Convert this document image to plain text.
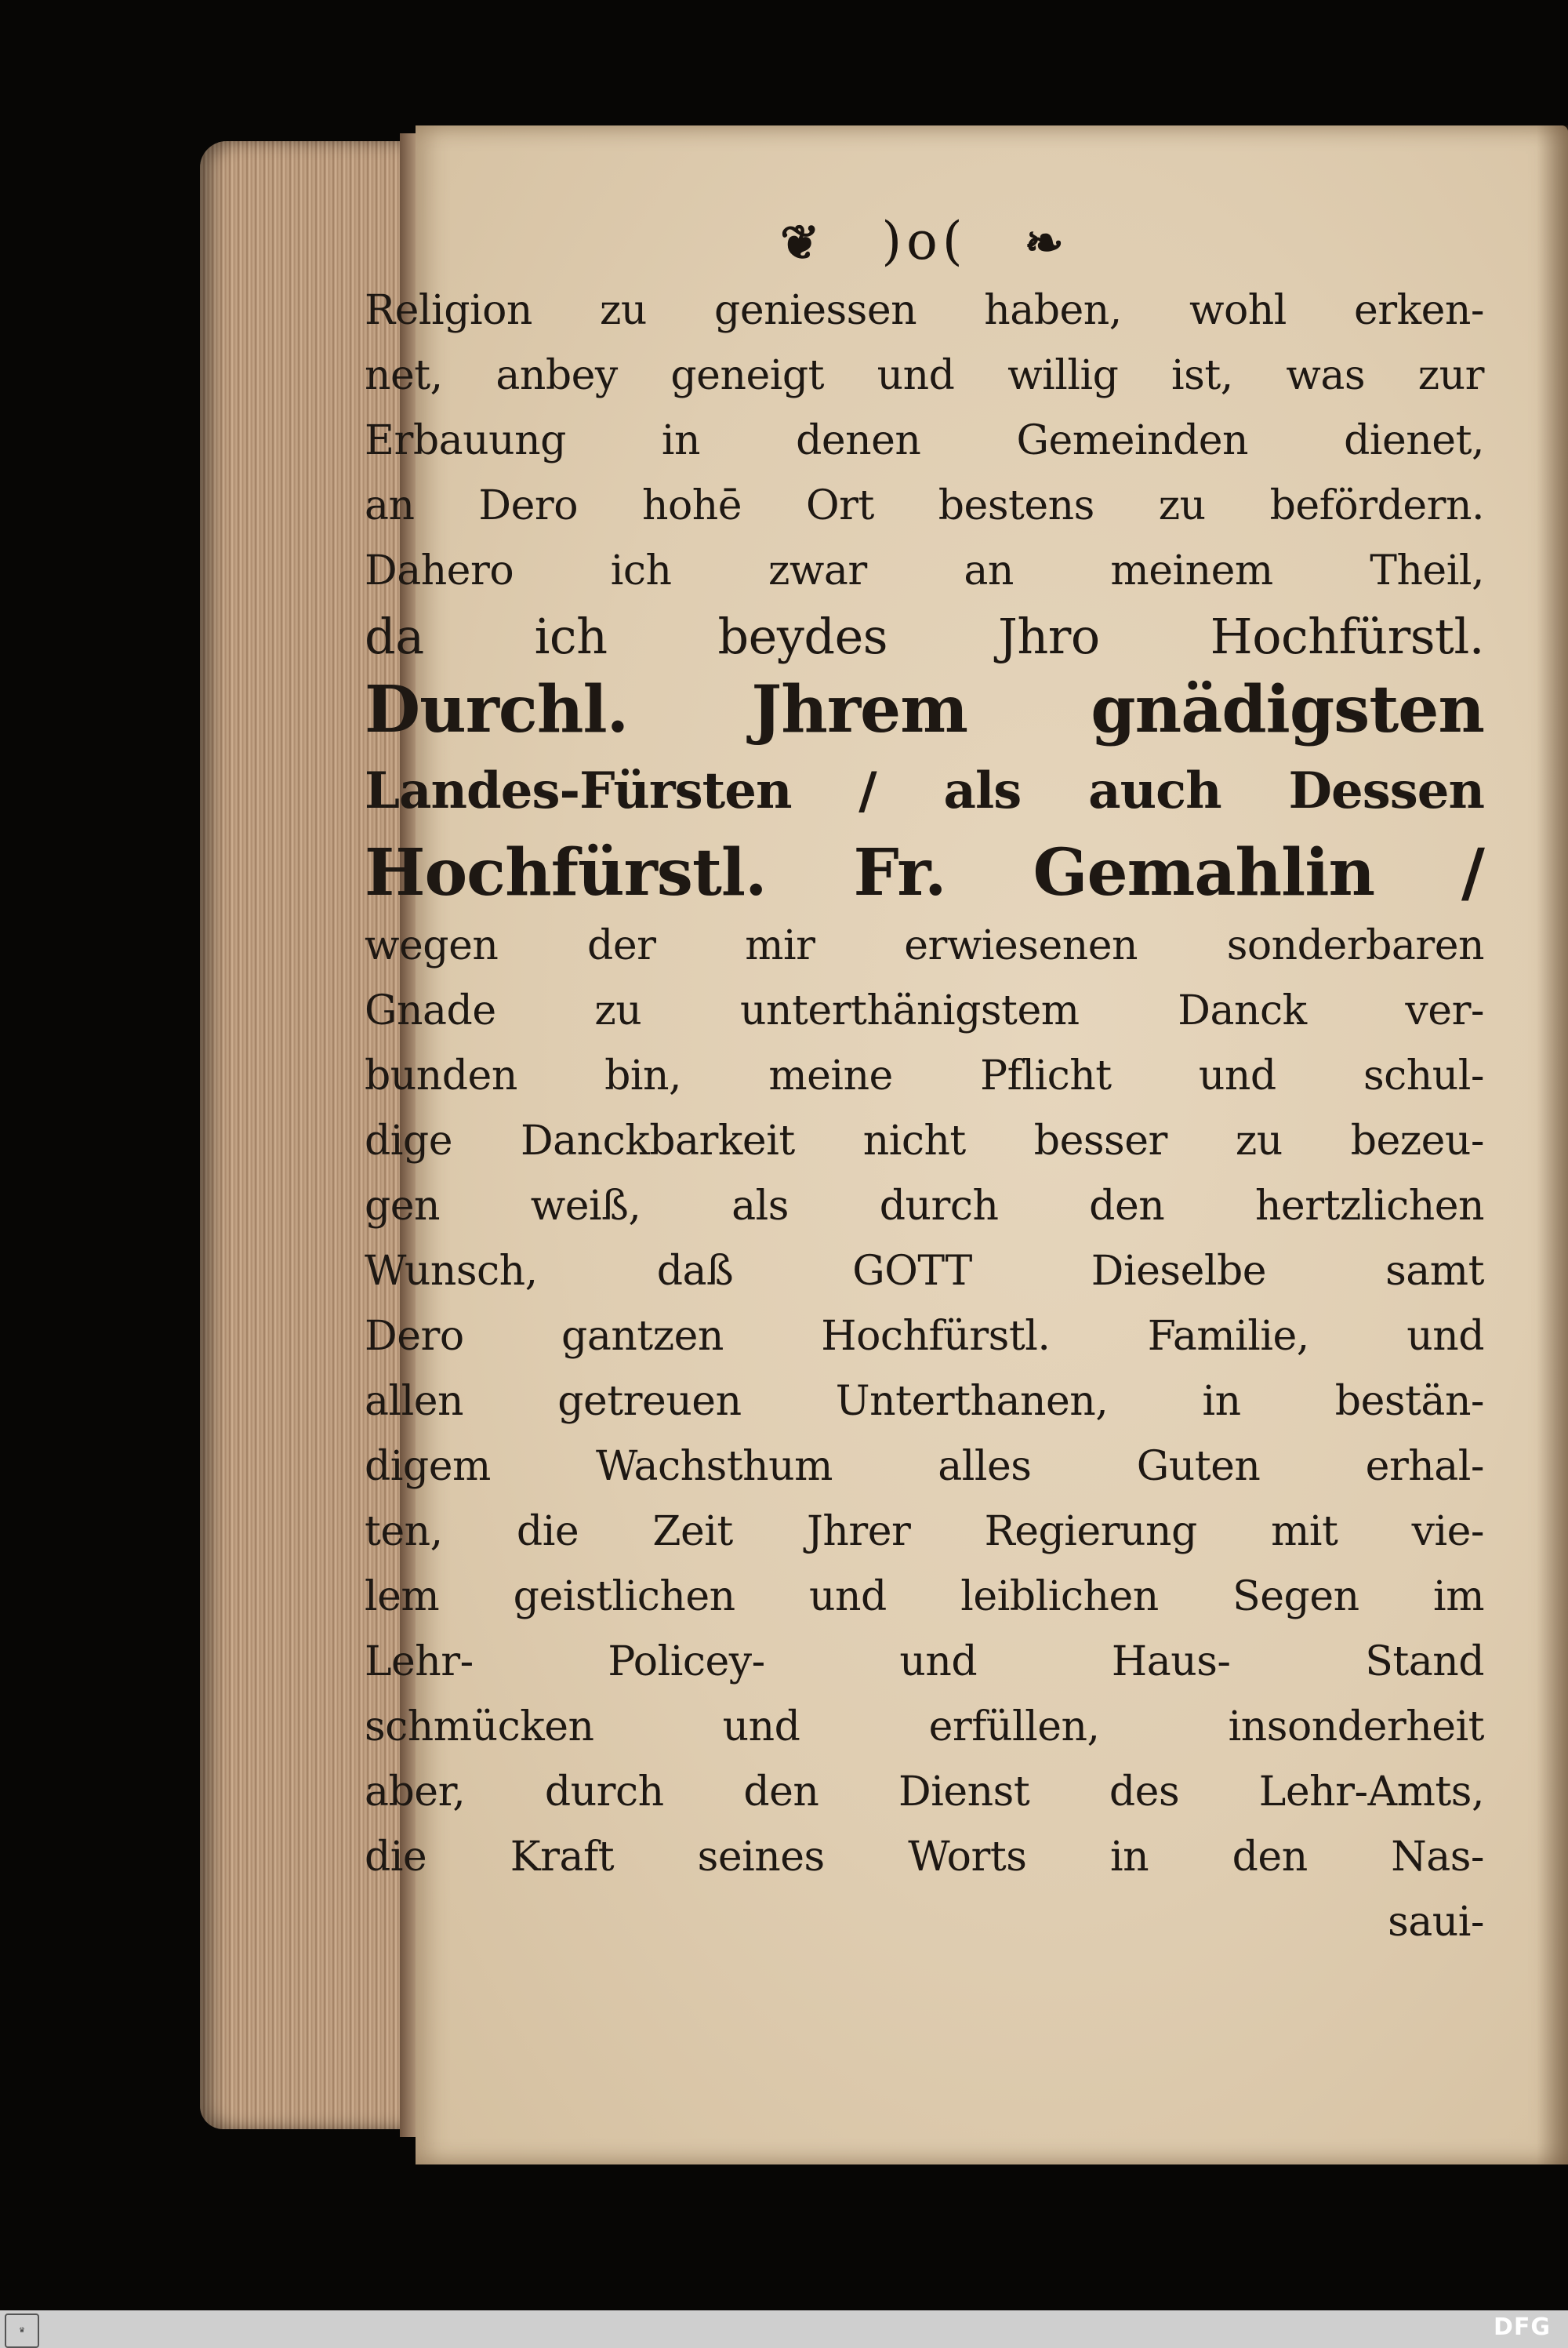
❦ )o( ❧
Religion zu geniessen haben, wohl erken-
net, anbey geneigt und willig ist, was zur
Erbauung in denen Gemeinden dienet,
an Dero hohē Ort bestens zu befördern.
Dahero ich zwar an meinem Theil,
da ich beydes Jhro Hochfürstl.
Durchl. Jhrem gnädigsten
Landes-Fürsten / als auch Dessen
Hochfürstl. Fr. Gemahlin /
wegen der mir erwiesenen sonderbaren
Gnade zu unterthänigstem Danck ver-
bunden bin, meine Pflicht und schul-
dige Danckbarkeit nicht besser zu bezeu-
gen weiß, als durch den hertzlichen
Wunsch, daß GOTT Dieselbe samt
Dero gantzen Hochfürstl. Familie, und
allen getreuen Unterthanen, in bestän-
digem Wachsthum alles Guten erhal-
ten, die Zeit Jhrer Regierung mit vie-
lem geistlichen und leiblichen Segen im
Lehr- Policey- und Haus- Stand
schmücken und erfüllen, insonderheit
aber, durch den Dienst des Lehr-Amts,
die Kraft seines Worts in den Nas-
saui-
♛	DFG
